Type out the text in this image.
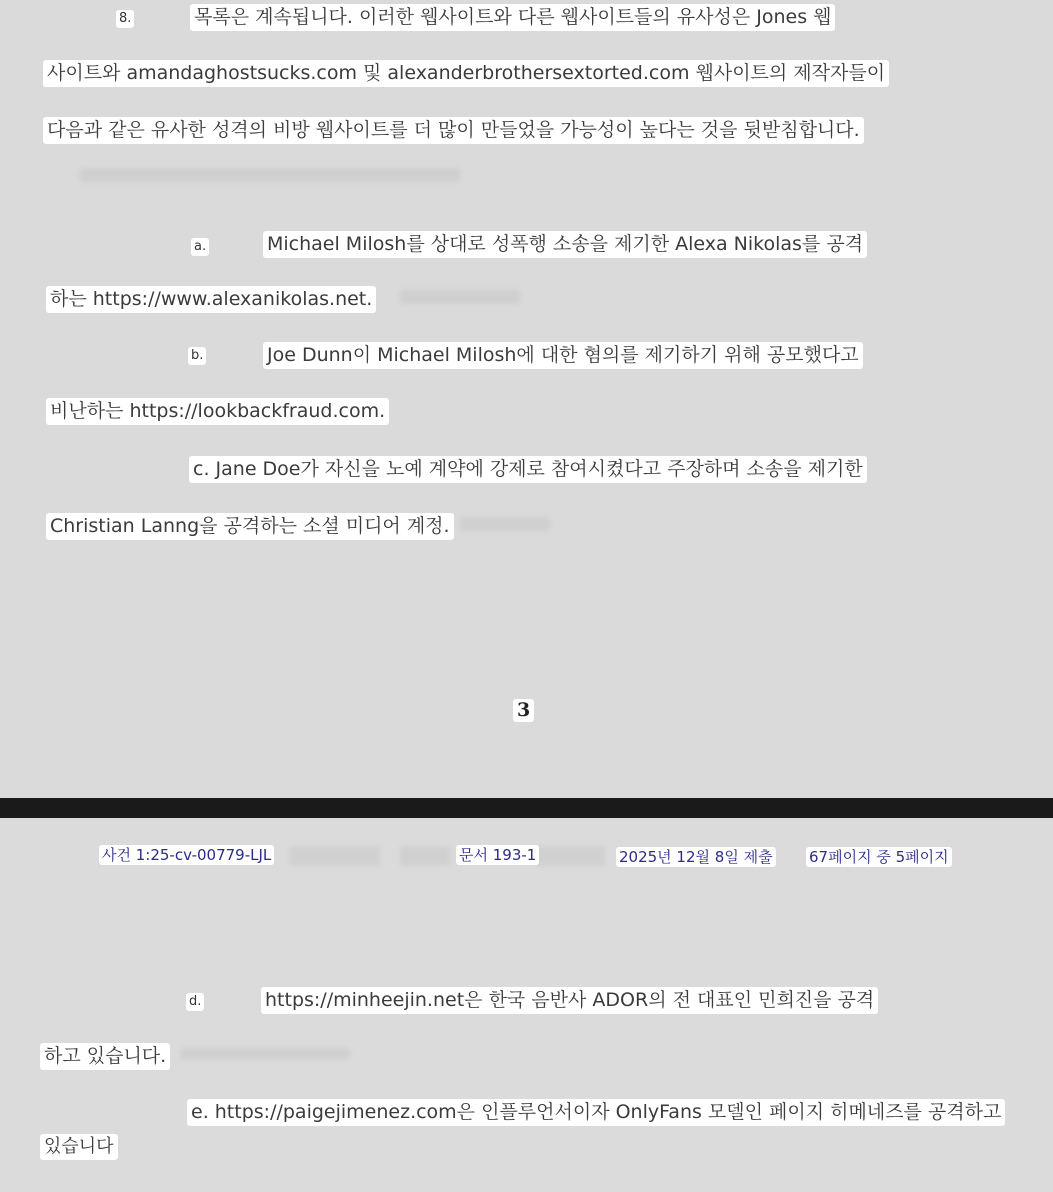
8.	목록은 계속됩니다. 이러한 웹사이트와 다른 웹사이트들의 유사성은 Jones 웹
사이트와 amandaghostsucks.com 및 alexanderbrothersextorted.com 웹사이트의 제작자들이
다음과 같은 유사한 성격의 비방 웹사이트를 더 많이 만들었을 가능성이 높다는 것을 뒷받침합니다.
a.	Michael Milosh를 상대로 성폭행 소송을 제기한 Alexa Nikolas를 공격
하는 https://www.alexanikolas.net.
b.	Joe Dunn이 Michael Milosh에 대한 혐의를 제기하기 위해 공모했다고
비난하는 https://lookbackfraud.com.
c. Jane Doe가 자신을 노예 계약에 강제로 참여시켰다고 주장하며 소송을 제기한
Christian Lanng을 공격하는 소셜 미디어 계정.
3
사건 1:25-cv-00779-LJL	문서 193-1	2025년 12월 8일 제출 67페이지 중 5페이지
d.	https://minheejin.net은 한국 음반사 ADOR의 전 대표인 민희진을 공격
하고 있습니다.
e. https://paigejimenez.com은 인플루언서이자 OnlyFans 모델인 페이지 히메네즈를 공격하고
있습니다
